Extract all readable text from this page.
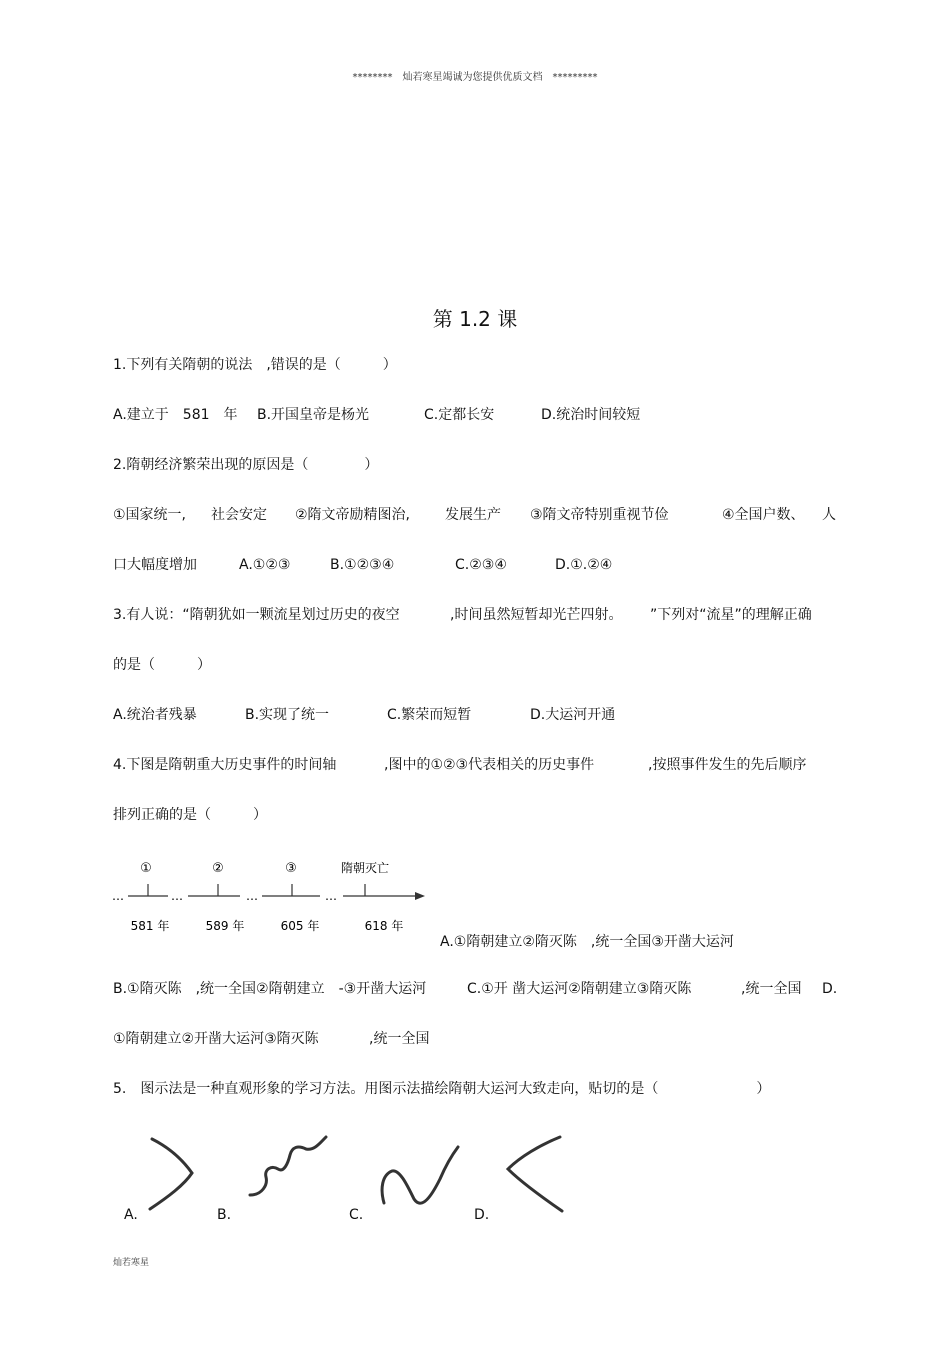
********　灿若寒星竭诚为您提供优质文档　*********
第 1.2 课
1.下列有关隋朝的说法　,错误的是（　　　）
A.建立于　581　年 B.开国皇帝是杨光	C.定都长安	D.统治时间较短
2.隋朝经济繁荣出现的原因是（　　　　）
①国家统一, 社会安定 ②隋文帝励精图治, 发展生产 ③隋文帝特别重视节俭	④全国户数、 人
口大幅度增加	A.①②③	B.①②③④	C.②③④	D.①.②④
3.有人说：“隋朝犹如一颗流星划过历史的夜空	,时间虽然短暂却光芒四射。 ”下列对“流星”的理解正确
的是（　　　）
A.统治者残暴	B.实现了统一	C.繁荣而短暂	D.大运河开通
4.下图是隋朝重大历史事件的时间轴	,图中的①②③代表相关的历史事件	,按照事件发生的先后顺序
排列正确的是（　　　）
…	…	…	…
①	②	③	隋朝灭亡
581 年	589 年	605 年	618 年
A.①隋朝建立②隋灭陈　,统一全国③开凿大运河
B.①隋灭陈　,统一全国②隋朝建立　-③开凿大运河	C.①开 凿大运河②隋朝建立③隋灭陈	,统一全国 D.
①隋朝建立②开凿大运河③隋灭陈	,统一全国
5.　图示法是一种直观形象的学习方法。用图示法描绘隋朝大运河大致走向，贴切的是（　　　　　　　）
A.	B.	C.	D.
灿若寒星
